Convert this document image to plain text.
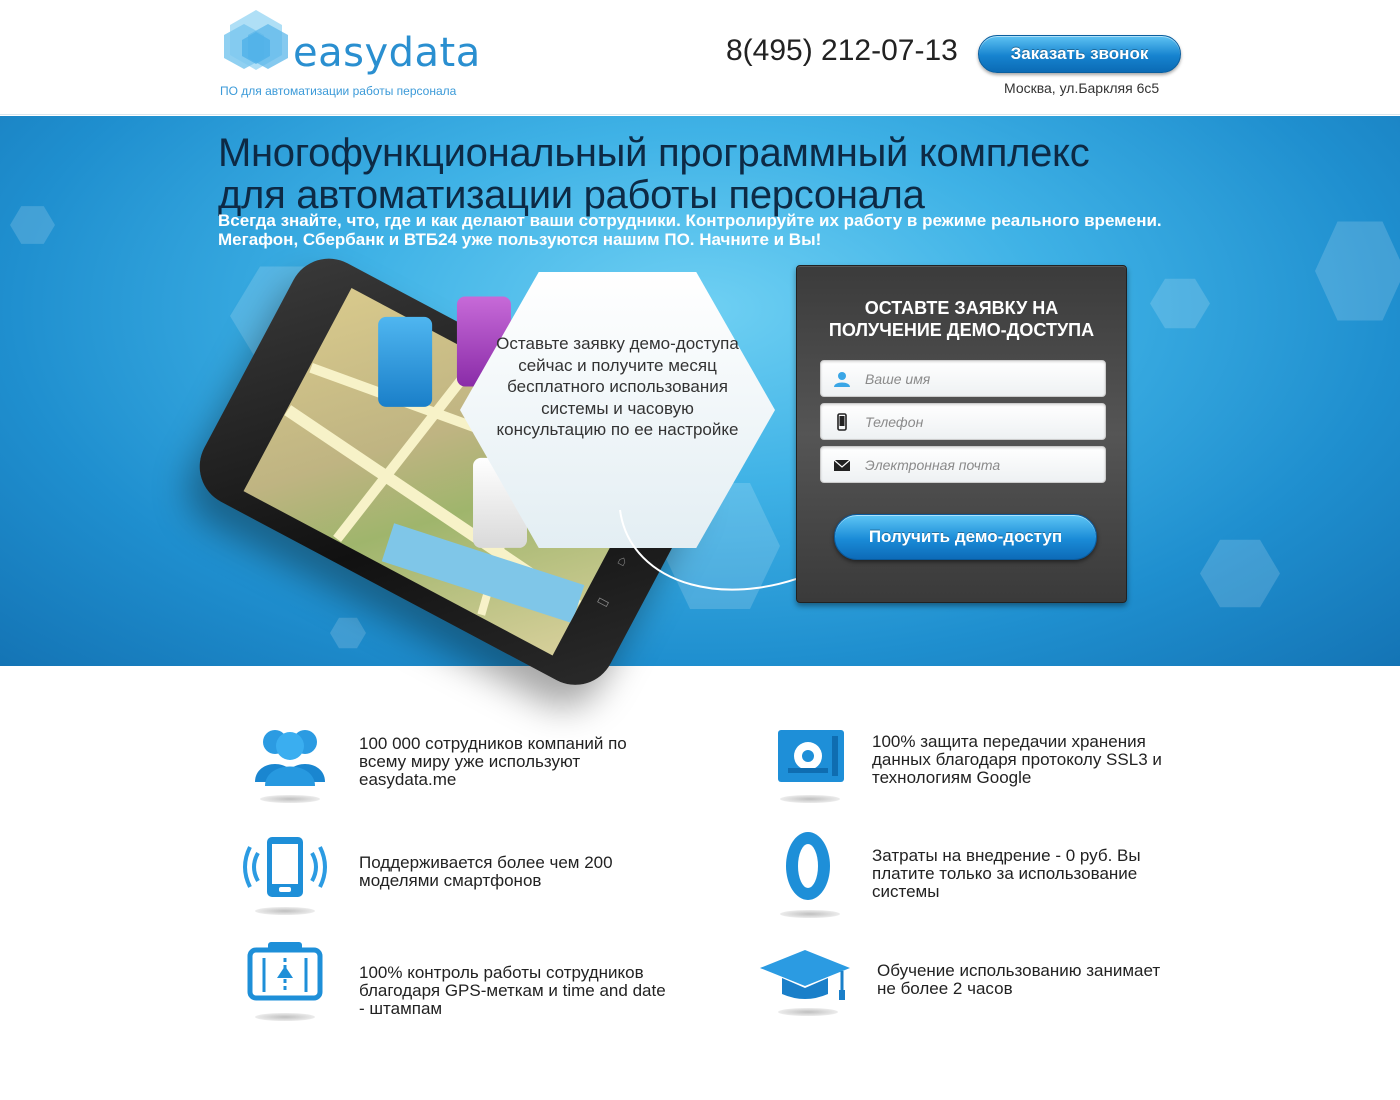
easydata
ПО для автоматизации работы персонала
8(495) 212-07-13	Заказать звонок
Москва, ул.Баркляя 6с5
Многофункциональный программный комплекс
для автоматизации работы персонала
Всегда знайте, что, где и как делают ваши сотрудники. Контролируйте их работу в режиме реального времени.
Мегафон, Сбербанк и ВТБ24 уже пользуются нашим ПО. Начните и Вы!
⌂
▭
Оставьте заявку демо-доступа сейчас и получите месяц бесплатного использования системы и часовую консультацию по ее настройке
ОСТАВТЕ ЗАЯВКУ НА ПОЛУЧЕНИЕ ДЕМО-ДОСТУПА
Ваше имя
Телефон
Электронная почта
Получить демо-доступ
100 000 сотрудников компаний по всему миру уже используют easydata.me
100% защита передачии хранения данных благодаря протоколу SSL3 и технологиям Google
Поддерживается более чем 200 моделями смартфонов
Затраты на внедрение - 0 руб. Вы платите только за использование системы
100% контроль работы сотрудников благодаря GPS-меткам и time and date - штампам
Обучение использованию занимает не более 2 часов
